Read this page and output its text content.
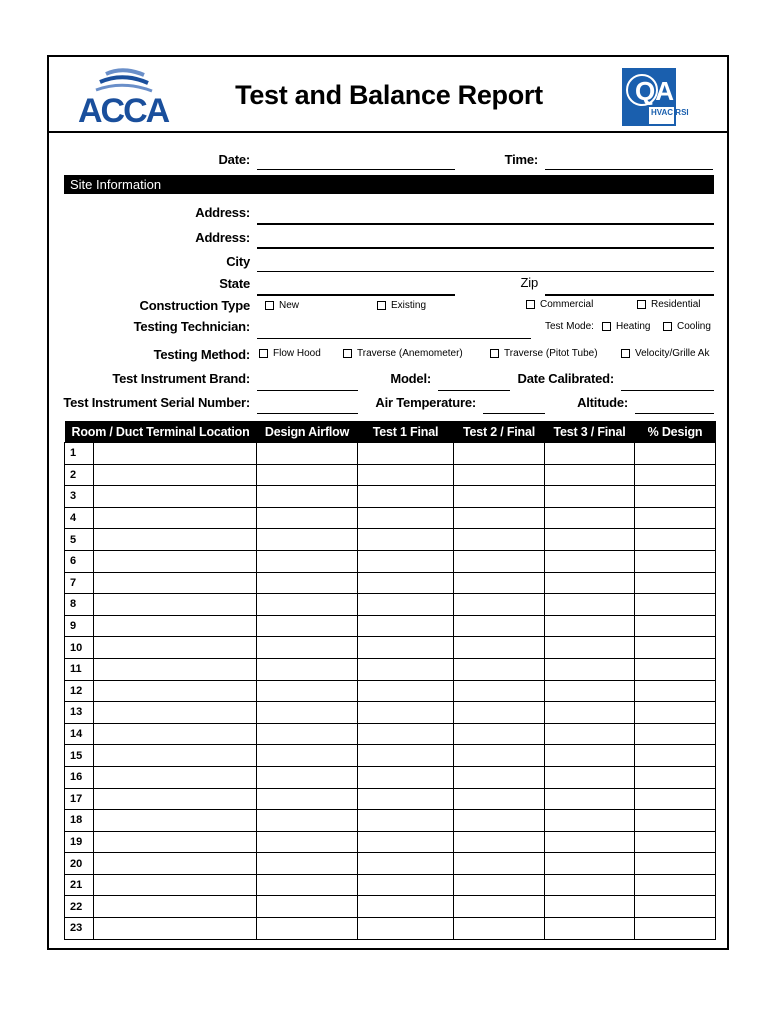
ACCA Test and Balance Report	QA
HVAC RSI
Date:	Time:
Site Information
Address:
Address:
City
State	Zip
Construction Type	New	Existing	Commercial	Residential
Testing Technician:	Test Mode: Heating	Cooling
Testing Method: Flow Hood	Traverse (Anemometer)	Traverse (Pitot Tube)	Velocity/Grille Ak
Test Instrument Brand:	Model:	Date Calibrated:
Test Instrument Serial Number:	Air Temperature:	Altitude:
Room / Duct Terminal Location		Design Airflow	Test 1 Final	Test 2 / Final	Test 3 / Final	% Design
1						
2						
3						
4						
5						
6						
7						
8						
9						
10						
11						
12						
13						
14						
15						
16						
17						
18						
19						
20						
21						
22						
23						
